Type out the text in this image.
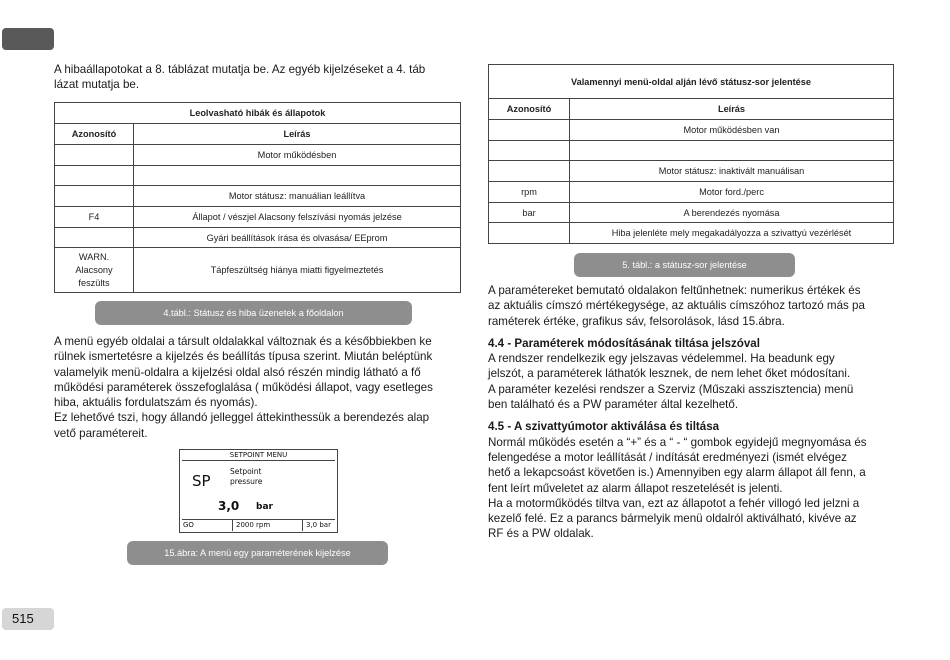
515

A hibaállapotokat a 8. táblázat mutatja be. Az egyéb kijelzéseket a 4. táb

lázat mutatja be.

Leolvasható hibák és állapotok	
Azonosító	Leírás
	Motor működésben

	Motor státusz: manuálian leállítva
F4	Állapot / vészjel Alacsony felszívási nyomás jelzése
	Gyári beállítások írása és olvasása/ EEprom
WARN.
Alacsony
feszülts	Tápfeszültség hiánya miatti figyelmeztetés
4.tábl.: Státusz és hiba üzenetek a főoldalon

A menü egyéb oldalai a társult oldalakkal változnak és a későbbiekben ke

rülnek ismertetésre a kijelzés és beállítás típusa szerint. Miután beléptünk

valamelyik menü-oldalra a kijelzési oldal alsó részén mindig látható a fő

működési paraméterek összefoglalása ( működési állapot, vagy esetleges

hiba, aktuális fordulatszám és nyomás).

Ez lehetővé tszi, hogy állandó jelleggel áttekinthessük a berendezés alap

vető paramétereit.

SETPOINT MENU
SP
Setpoint
pressure
3,0 bar
GO	2000 rpm	3,0 bar
15.ábra: A menü egy paraméterének kijelzése
Valamennyi menü-oldal alján lévő státusz-sor jelentése	
Azonosító	Leírás
	Motor működésben van

	Motor státusz: inaktivált manuálisan
rpm	Motor ford./perc
bar	A berendezés nyomása
	Hiba jelenléte mely megakadályozza a szivattyú vezérlését
5. tábl.: a státusz-sor jelentése

A paramétereket bemutató oldalakon feltűnhetnek: numerikus értékek és

az aktuális címszó mértékegysége, az aktuális címszóhoz tartozó más pa

raméterek értéke, grafikus sáv, felsorolások, lásd 15.ábra.

4.4 - Paraméterek módosításának tiltása jelszóval

A rendszer rendelkezik egy jelszavas védelemmel. Ha beadunk egy

jelszót, a paraméterek láthatók lesznek, de nem lehet őket módosítani.

A paraméter kezelési rendszer a Szerviz (Műszaki asszisztencia) menü

ben található és a PW paraméter által kezelhető.

4.5 - A szivattyúmotor aktiválása és tiltása

Normál működés esetén a “+” és a “ - “ gombok egyidejű megnyomása és

felengedése a motor leállítását / indítását eredményezi (ismét elvégez

hető a lekapcsoást követően is.) Amennyiben egy alarm állapot áll fenn, a

fent leírt műveletet az alarm állapot reszetelését is jelenti.

Ha a motorműködés tiltva van, ezt az állapotot a fehér villogó led jelzni a

kezelő felé. Ez a parancs bármelyik menü oldalról aktiválható, kivéve az

RF és a PW oldalak.
